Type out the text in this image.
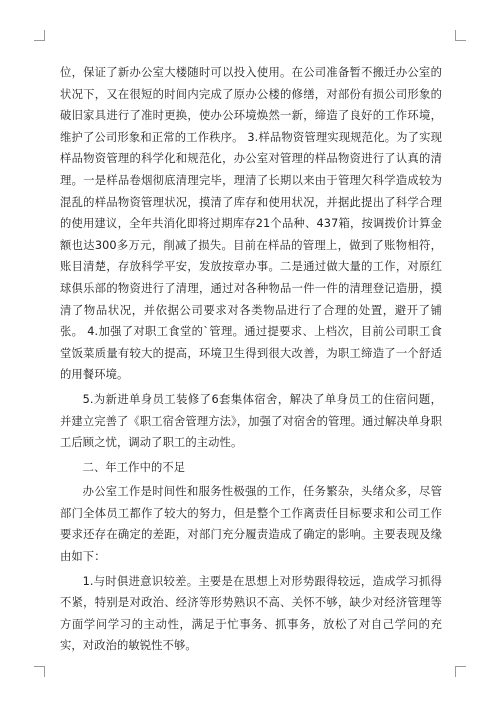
位，保证了新办公室大楼随时可以投入使用。在公司准备暂不搬迁办公室的状况下，又在很短的时间内完成了原办公楼的修缮，对部份有损公司形象的破旧家具进行了准时更换，使办公环境焕然一新，缔造了良好的工作环境，维护了公司形象和正常的工作秩序。 3.样品物资管理实现规范化。为了实现样品物资管理的科学化和规范化，办公室对管理的样品物资进行了认真的清理。一是样品卷烟彻底清理完毕，理清了长期以来由于管理欠科学造成较为混乱的样品物资管理状况，摸清了库存和使用状况，并据此提出了科学合理的使用建议，全年共消化即将过期库存21个品种、437箱，按调拨价计算金额也达300多万元，削减了损失。目前在样品的管理上，做到了账物相符，账目清楚，存放科学平安，发放按章办事。二是通过做大量的工作，对原红球俱乐部的物资进行了清理，通过对各种物品一件一件的清理登记造册，摸清了物品状况，并依据公司要求对各类物品进行了合理的处置，避开了铺张。 4.加强了对职工食堂的`管理。通过提要求、上档次，目前公司职工食堂饭菜质量有较大的提高，环境卫生得到很大改善，为职工缔造了一个舒适的用餐环境。

5.为新进单身员工装修了6套集体宿舍，解决了单身员工的住宿问题，并建立完善了《职工宿舍管理方法》，加强了对宿舍的管理。通过解决单身职工后顾之忧，调动了职工的主动性。

二、年工作中的不足

办公室工作是时间性和服务性极强的工作，任务繁杂，头绪众多，尽管部门全体员工都作了较大的努力，但是整个工作离责任目标要求和公司工作要求还存在确定的差距，对部门充分履责造成了确定的影响。主要表现及缘由如下：

1.与时俱进意识较差。主要是在思想上对形势跟得较远，造成学习抓得不紧，特别是对政治、经济等形势熟识不高、关怀不够，缺少对经济管理等方面学问学习的主动性，满足于忙事务、抓事务，放松了对自己学问的充实，对政治的敏锐性不够。
